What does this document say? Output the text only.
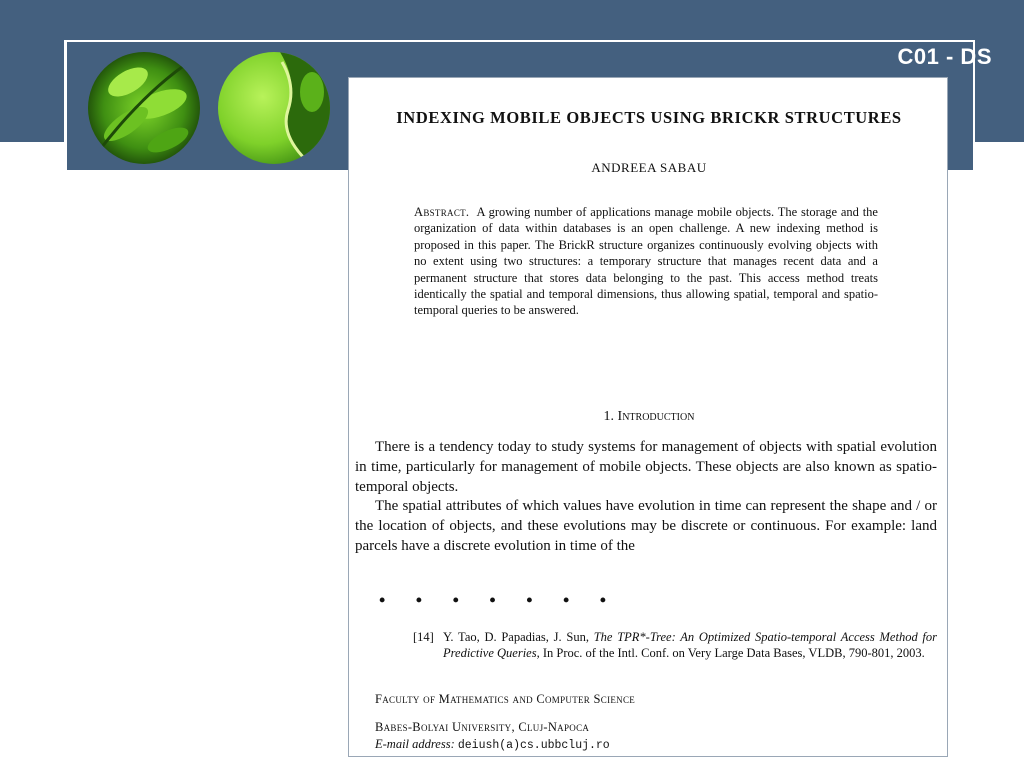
C01 - DS
INDEXING MOBILE OBJECTS USING BRICKR STRUCTURES
ANDREEA SABAU
Abstract. A growing number of applications manage mobile objects. The storage and the organization of data within databases is an open challenge. A new indexing method is proposed in this paper. The BrickR structure organizes continuously evolving objects with no extent using two structures: a temporary structure that manages recent data and a permanent structure that stores data belonging to the past. This access method treats identically the spatial and temporal dimensions, thus allowing spatial, temporal and spatio-temporal queries to be answered.
1. Introduction

There is a tendency today to study systems for management of objects with spatial evolution in time, particularly for management of mobile objects. These objects are also known as spatio-temporal objects.

The spatial attributes of which values have evolution in time can represent the shape and / or the location of objects, and these evolutions may be discrete or continuous. For example: land parcels have a discrete evolution in time of the

• • • • • • •
[14] Y. Tao, D. Papadias, J. Sun, The TPR*-Tree: An Optimized Spatio-temporal Access Method for Predictive Queries, In Proc. of the Intl. Conf. on Very Large Data Bases, VLDB, 790-801, 2003.
Faculty of Mathematics and Computer Science
Babes-Bolyai University, Cluj-Napoca
E-mail address: deiush(a)cs.ubbcluj.ro
